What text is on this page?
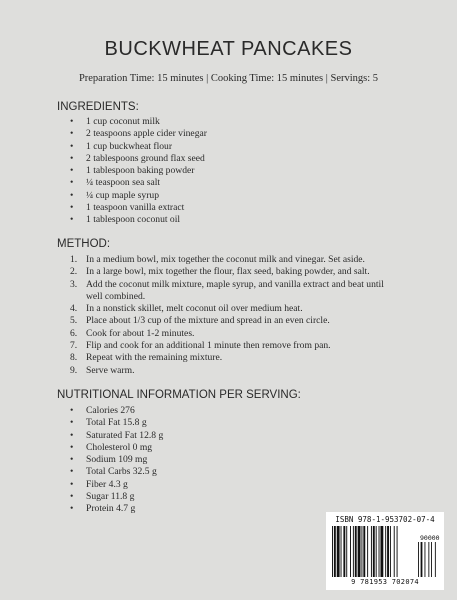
BUCKWHEAT PANCAKES
Preparation Time: 15 minutes | Cooking Time: 15 minutes | Servings: 5
INGREDIENTS:
• 1 cup coconut milk
• 2 teaspoons apple cider vinegar
• 1 cup buckwheat flour
• 2 tablespoons ground flax seed
• 1 tablespoon baking powder
• ¼ teaspoon sea salt
• ¼ cup maple syrup
• 1 teaspoon vanilla extract
• 1 tablespoon coconut oil
METHOD:
1. In a medium bowl, mix together the coconut milk and vinegar. Set aside.
2. In a large bowl, mix together the flour, flax seed, baking powder, and salt.
3. Add the coconut milk mixture, maple syrup, and vanilla extract and beat until well combined.
4. In a nonstick skillet, melt coconut oil over medium heat.
5. Place about 1/3 cup of the mixture and spread in an even circle.
6. Cook for about 1-2 minutes.
7. Flip and cook for an additional 1 minute then remove from pan.
8. Repeat with the remaining mixture.
9. Serve warm.
NUTRITIONAL INFORMATION PER SERVING:
• Calories 276
• Total Fat 15.8 g
• Saturated Fat 12.8 g
• Cholesterol 0 mg
• Sodium 109 mg
• Total Carbs 32.5 g
• Fiber 4.3 g
• Sugar 11.8 g
• Protein 4.7 g
ISBN 978-1-953702-07-4
90000
9 781953 702074
